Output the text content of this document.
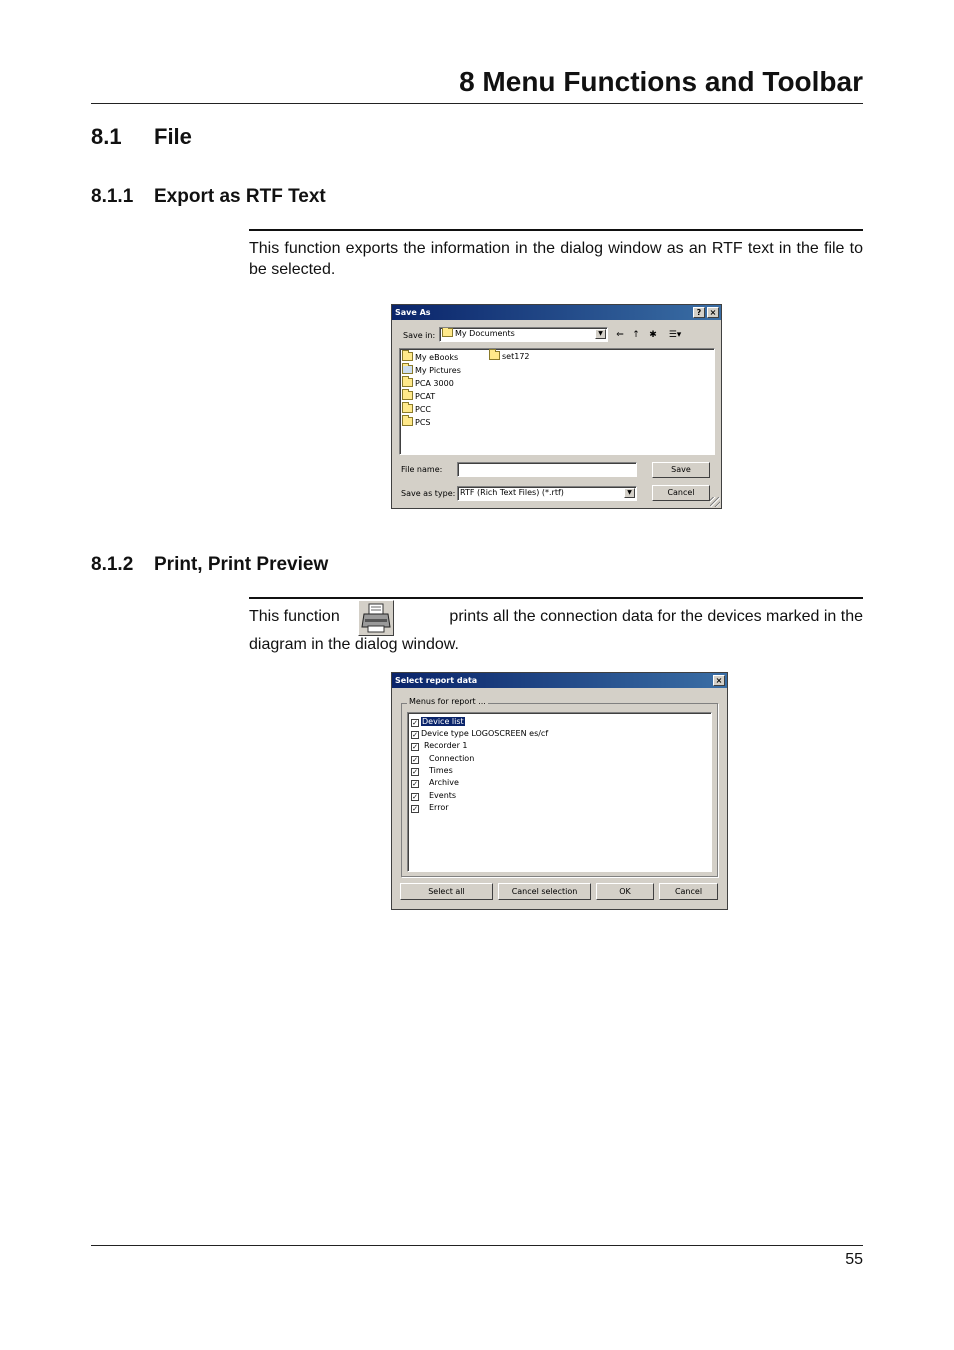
8 Menu Functions and Toolbar
8.1 File
8.1.1 Export as RTF Text
This function exports the information in the dialog window as an RTF text in the file to be selected.
Save As	?	×
Save in:	My Documents	▼	⇐ ↑ ✱	☰▾
My eBooks
My Pictures
PCA 3000
PCAT
PCC
PCS
set172
File name:	Save
Save as type: RTF (Rich Text Files) (*.rtf)	▼	Cancel
8.1.2 Print, Print Preview
This function	prints all the connection data for the devices marked in the
diagram in the dialog window.
Select report data	×
Menus for report ...
✓ Device list
✓ Device type LOGOSCREEN es/cf
✓ Recorder 1
✓ Connection
✓ Times
✓ Archive
✓ Events
✓ Error
Select all	Cancel selection	OK	Cancel
55
